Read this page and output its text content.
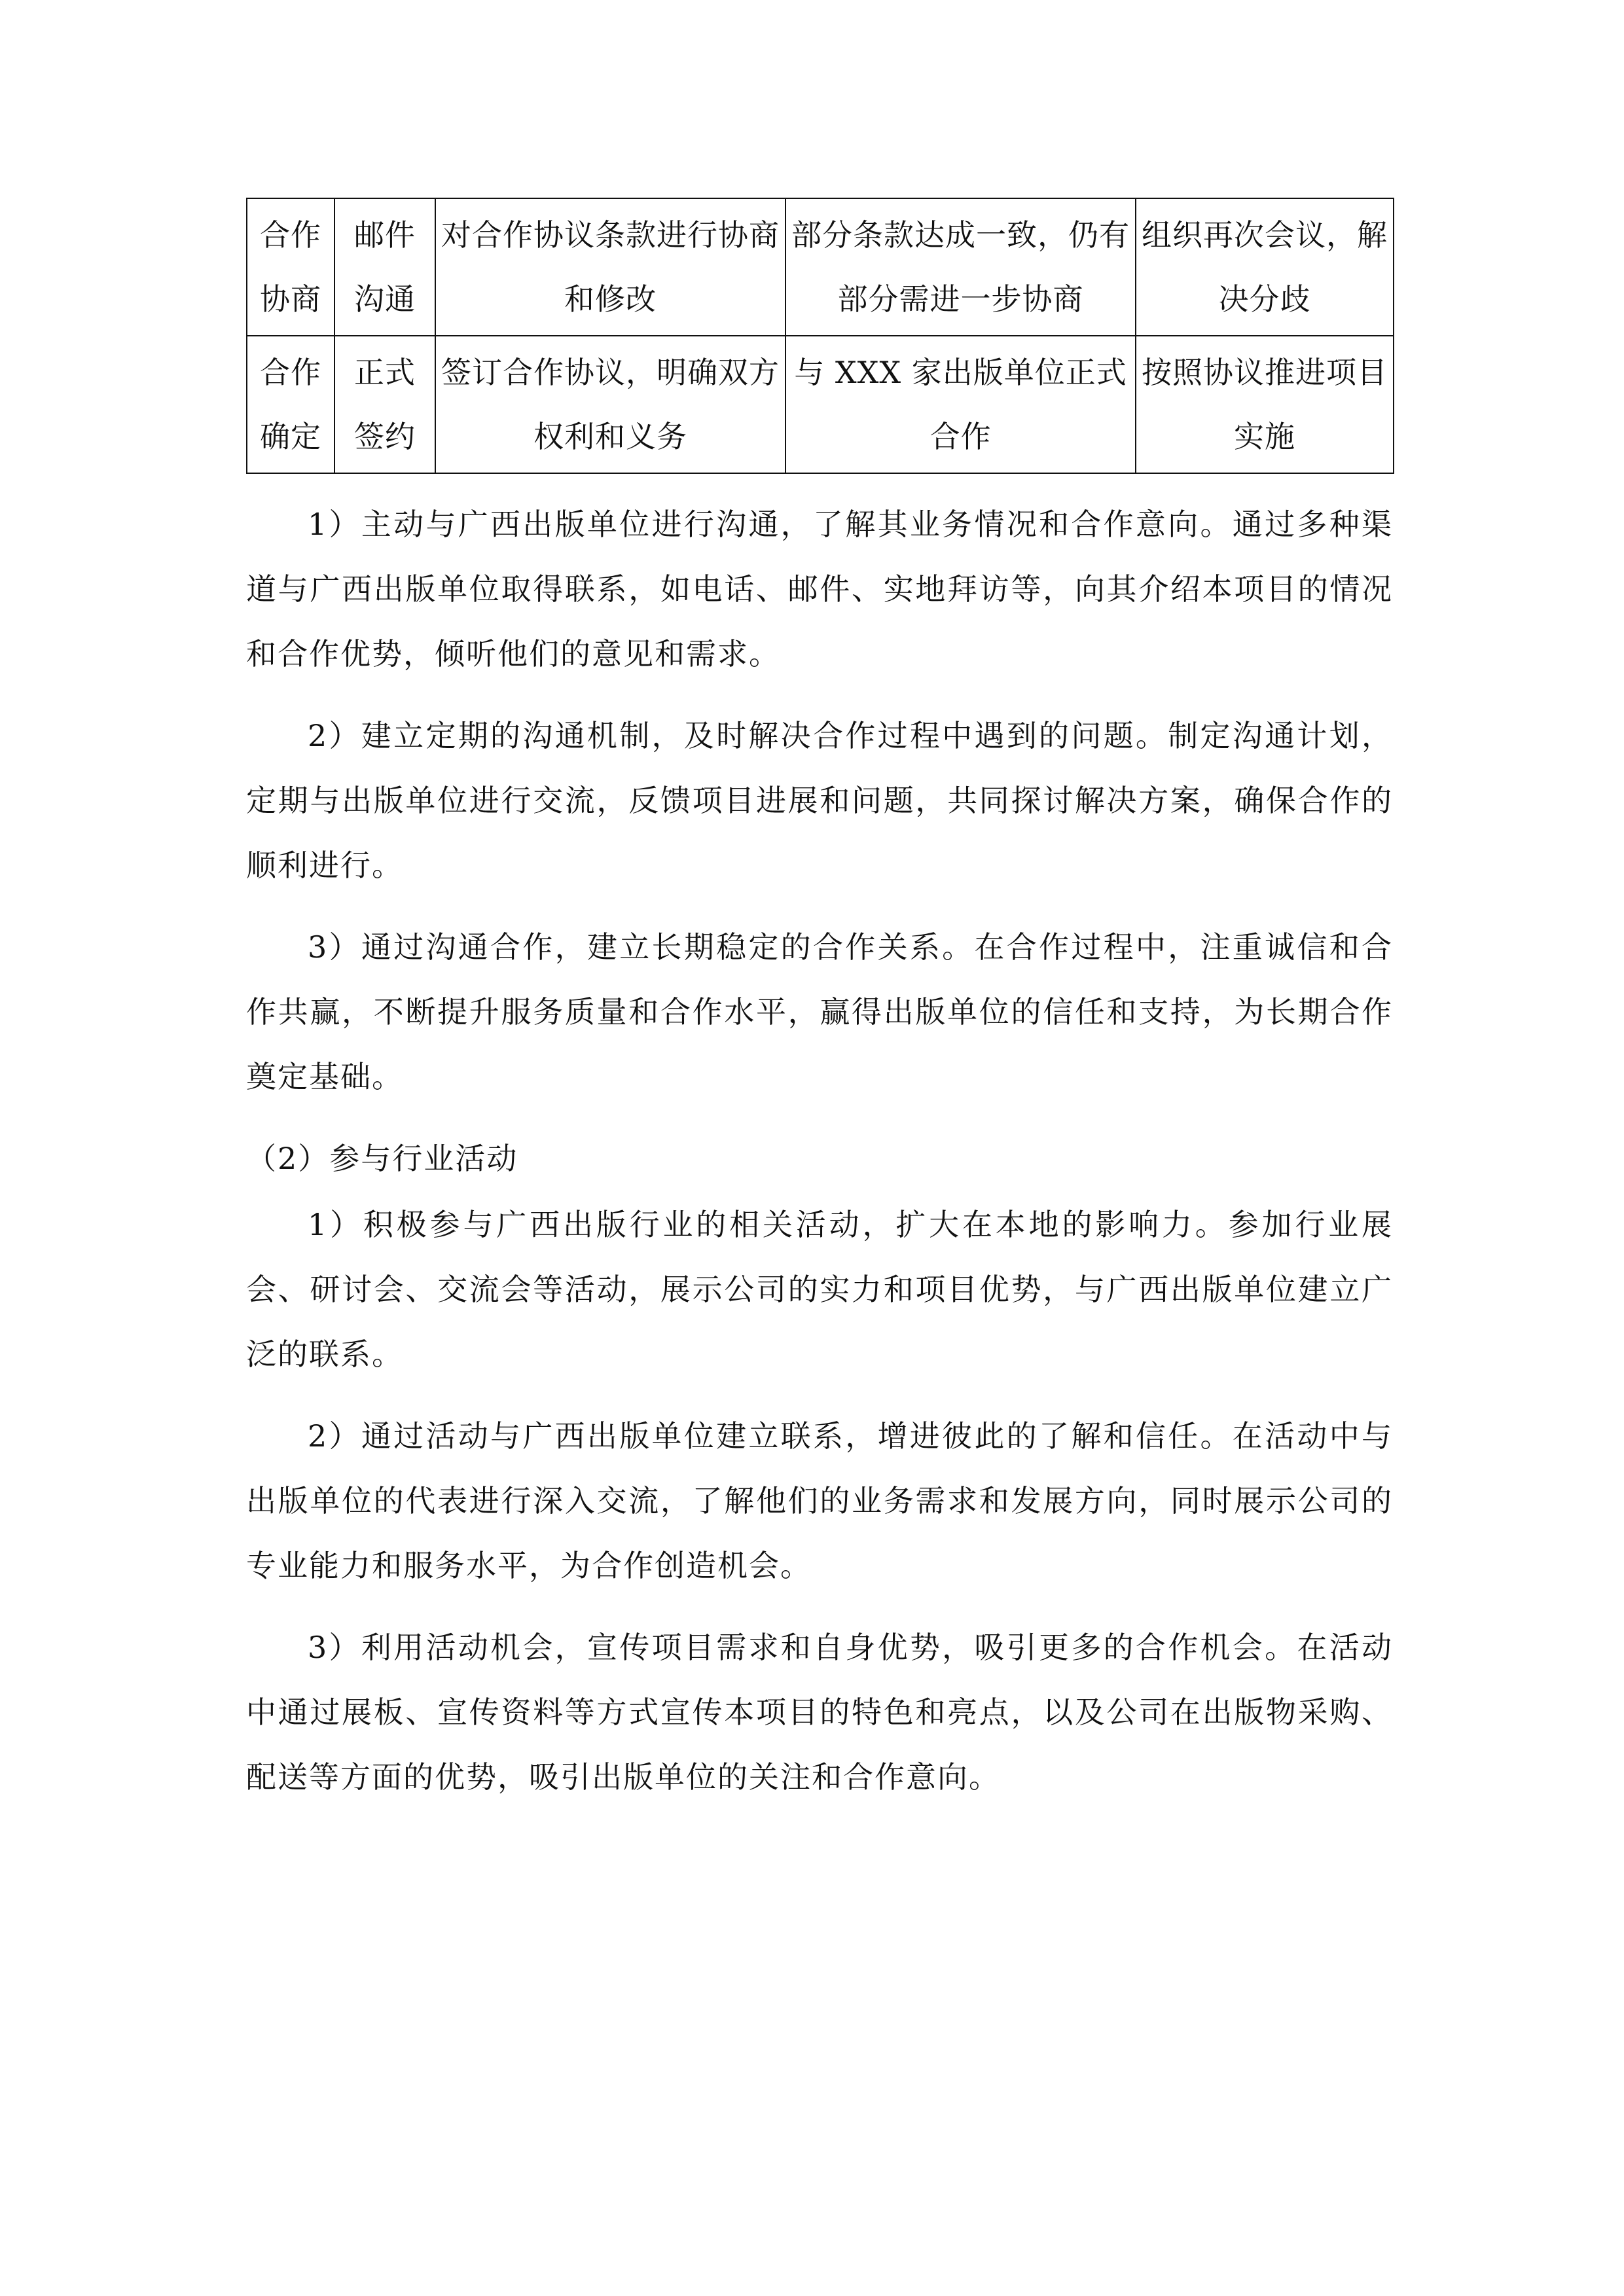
合作协商	邮件沟通	对合作协议条款进行协商和修改	部分条款达成一致，仍有部分需进一步协商	组织再次会议，解决分歧
合作确定	正式签约	签订合作协议，明确双方权利和义务	与 XXX 家出版单位正式合作	按照协议推进项目实施

1）主动与广西出版单位进行沟通，了解其业务情况和合作意向。通过多种渠道与广西出版单位取得联系，如电话、邮件、实地拜访等，向其介绍本项目的情况和合作优势，倾听他们的意见和需求。

2）建立定期的沟通机制，及时解决合作过程中遇到的问题。制定沟通计划，定期与出版单位进行交流，反馈项目进展和问题，共同探讨解决方案，确保合作的顺利进行。

3）通过沟通合作，建立长期稳定的合作关系。在合作过程中，注重诚信和合作共赢，不断提升服务质量和合作水平，赢得出版单位的信任和支持，为长期合作奠定基础。

（2）参与行业活动

1）积极参与广西出版行业的相关活动，扩大在本地的影响力。参加行业展会、研讨会、交流会等活动，展示公司的实力和项目优势，与广西出版单位建立广泛的联系。

2）通过活动与广西出版单位建立联系，增进彼此的了解和信任。在活动中与出版单位的代表进行深入交流，了解他们的业务需求和发展方向，同时展示公司的专业能力和服务水平，为合作创造机会。

3）利用活动机会，宣传项目需求和自身优势，吸引更多的合作机会。在活动中通过展板、宣传资料等方式宣传本项目的特色和亮点，以及公司在出版物采购、配送等方面的优势，吸引出版单位的关注和合作意向。
